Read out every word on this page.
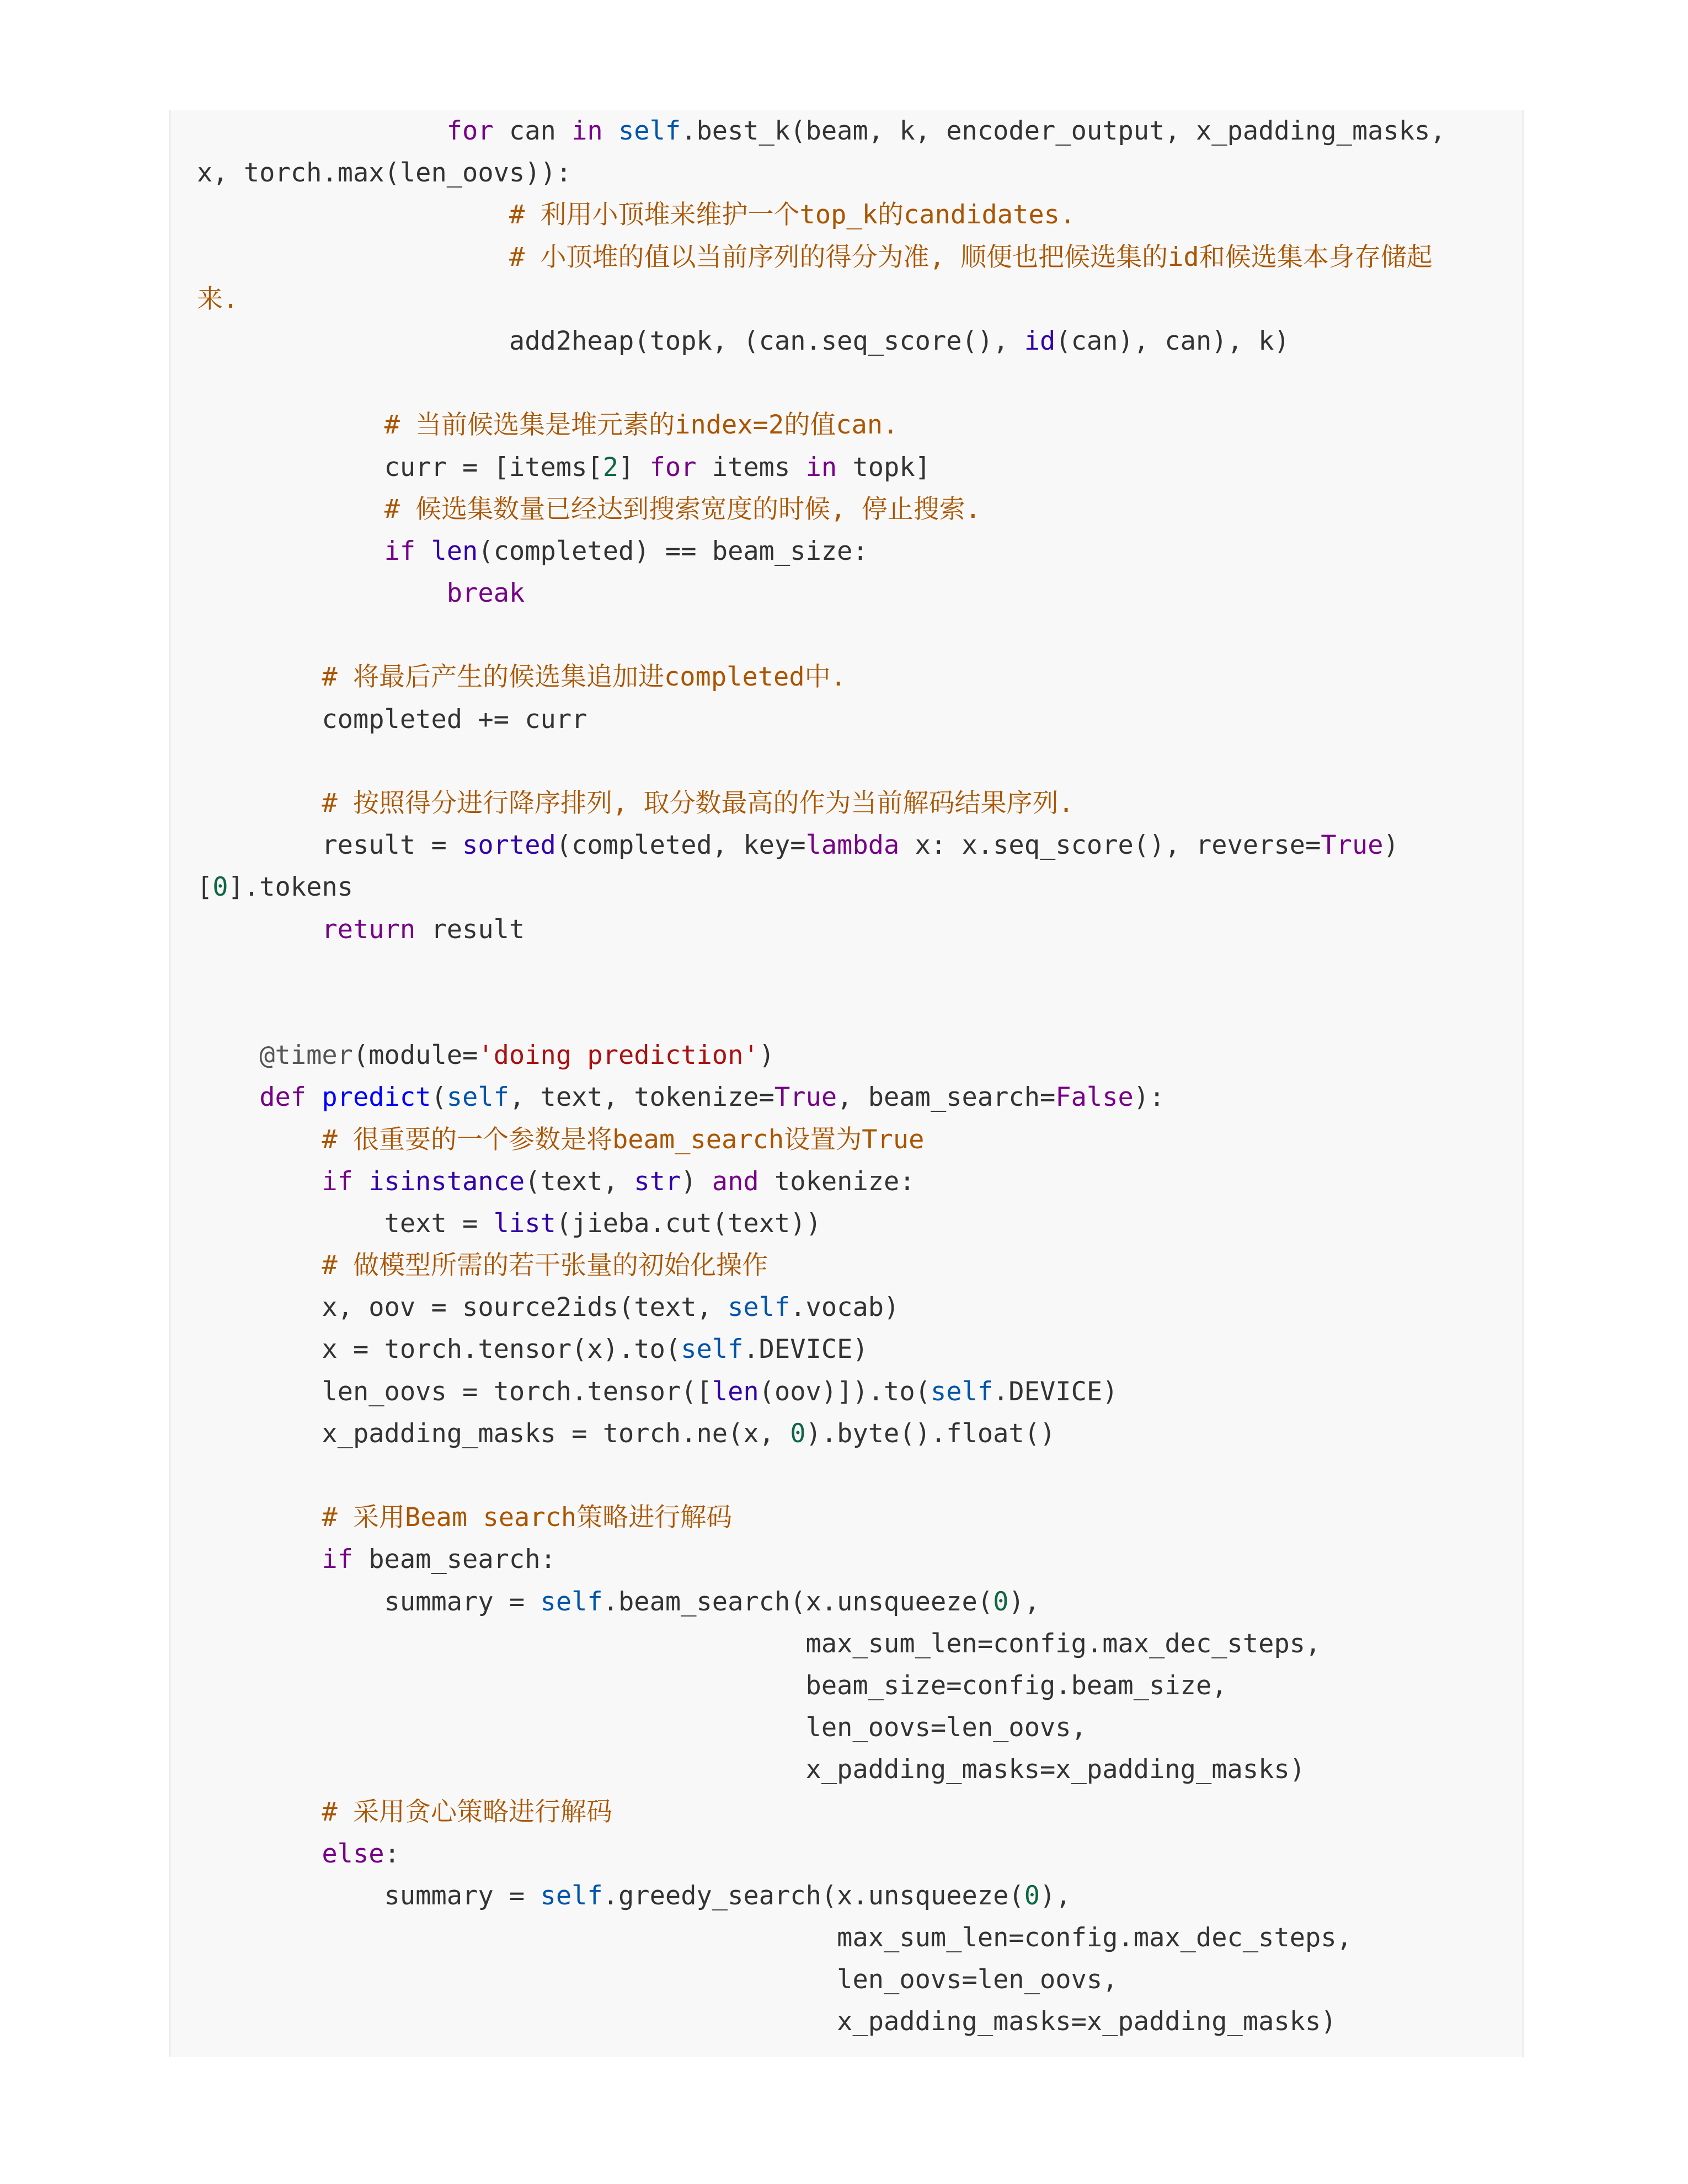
for can in self.best_k(beam, k, encoder_output, x_padding_masks,
x, torch.max(len_oovs)):
# 利用小顶堆来维护一个top_k的candidates.
# 小顶堆的值以当前序列的得分为准, 顺便也把候选集的id和候选集本身存储起
来.
add2heap(topk, (can.seq_score(), id(can), can), k)
# 当前候选集是堆元素的index=2的值can.
curr = [items[2] for items in topk]
# 候选集数量已经达到搜索宽度的时候, 停止搜索.
if len(completed) == beam_size:
break
# 将最后产生的候选集追加进completed中.
completed += curr
# 按照得分进行降序排列, 取分数最高的作为当前解码结果序列.
result = sorted(completed, key=lambda x: x.seq_score(), reverse=True)
[0].tokens
return result
@timer(module='doing prediction')
def predict(self, text, tokenize=True, beam_search=False):
# 很重要的一个参数是将beam_search设置为True
if isinstance(text, str) and tokenize:
text = list(jieba.cut(text))
# 做模型所需的若干张量的初始化操作
x, oov = source2ids(text, self.vocab)
x = torch.tensor(x).to(self.DEVICE)
len_oovs = torch.tensor([len(oov)]).to(self.DEVICE)
x_padding_masks = torch.ne(x, 0).byte().float()
# 采用Beam search策略进行解码
if beam_search:
summary = self.beam_search(x.unsqueeze(0),
max_sum_len=config.max_dec_steps,
beam_size=config.beam_size,
len_oovs=len_oovs,
x_padding_masks=x_padding_masks)
# 采用贪心策略进行解码
else:
summary = self.greedy_search(x.unsqueeze(0),
max_sum_len=config.max_dec_steps,
len_oovs=len_oovs,
x_padding_masks=x_padding_masks)
